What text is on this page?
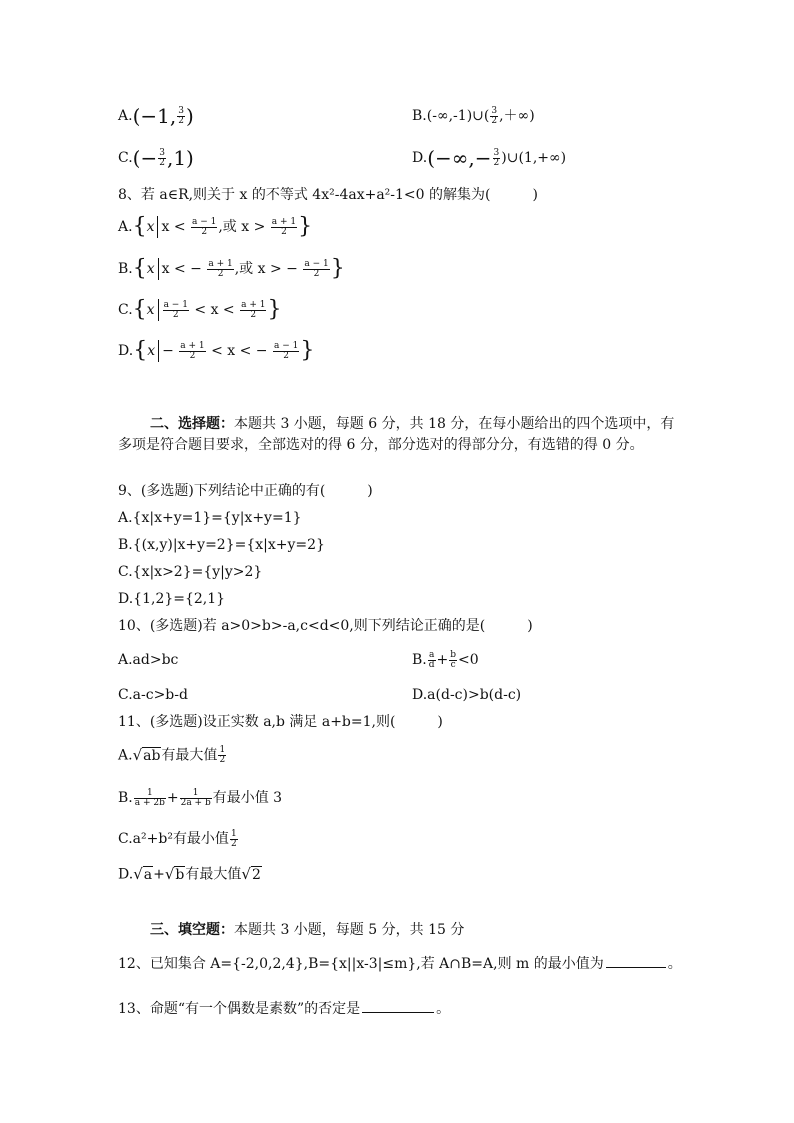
A.(−1, $\frac{3}{2}$ )	B.(-∞,-1)∪( $\frac{3}{2}$ ,＋∞)
$C.(- \frac{3}{2} ,1)$	$D.(-\infty,- \frac{3}{2}$ )∪(1,+∞)
8、若 a∈R,则关于 x 的不等式 4x²-4ax+a²-1<0 的解集为(　　　)
A.{x $x < \frac{a - 1}{2}$ ,或 $x > \frac{a + 1}{2}$ }
B.{x x < − $\frac{a + 1}{2}$ ,或 x > − $\frac{a - 1}{2}$ }
$C.\{x \frac{a - 1}{2} < x < \frac{a + 1}{2}$ }
$D.\{x - \frac{a + 1}{2} < x$ < − $\frac{a - 1}{2}$ }
二、选择题：本题共 3 小题，每题 6 分，共 18 分，在每小题给出的四个选项中，有多项是符合题目要求，全部选对的得 6 分，部分选对的得部分分，有选错的得 0 分。
9、(多选题)下列结论中正确的有(　　　)
A.{x|x+y=1}={y|x+y=1}
B.{(x,y)|x+y=2}={x|x+y=2}
C.{x|x>2}={y|y>2}
D.{1,2}={2,1}
10、(多选题)若 a>0>b>-a,c<d<0,则下列结论正确的是(　　　)
A.ad>bc	B. $\frac{a}{d} + \frac{b}{c} <0$
C.a-c>b-d	D.a(d-c)>b(d-c)
11、(多选题)设正实数 a,b 满足 a+b=1,则(　　　)
A.√ab有最大值 $\frac{1}{2}$
B. $\frac{1}{a + 2b} + \frac{1}{2a + b}$ 有最小值 3
C.a²+b²有最小值 $\frac{1}{2}$
D.√a+√b有最大值√2
三、填空题：本题共 3 小题，每题 5 分，共 15 分
12、已知集合 A={-2,0,2,4},B={x||x-3|≤m},若 A∩B=A,则 m 的最小值为	。
13、命题“有一个偶数是素数”的否定是	。
